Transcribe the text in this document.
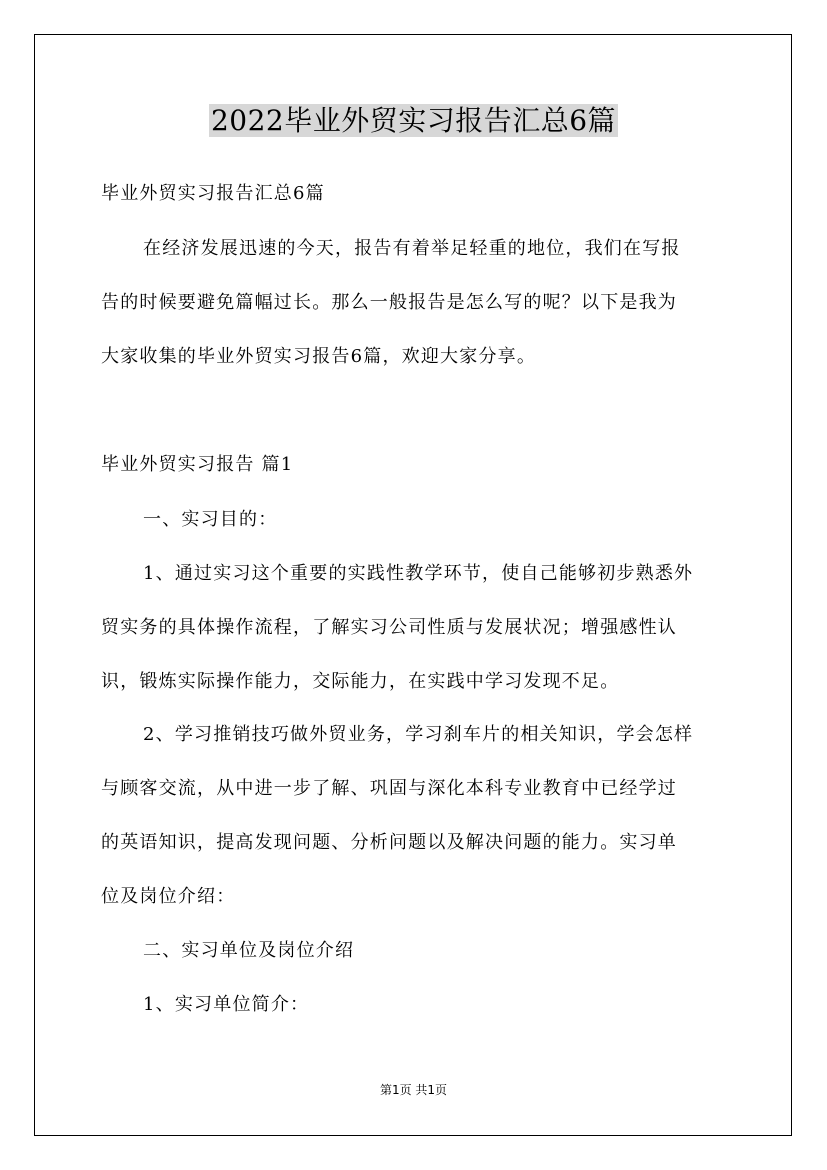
2022毕业外贸实习报告汇总6篇
毕业外贸实习报告汇总6篇
在经济发展迅速的今天，报告有着举足轻重的地位，我们在写报
告的时候要避免篇幅过长。那么一般报告是怎么写的呢？以下是我为
大家收集的毕业外贸实习报告6篇，欢迎大家分享。
毕业外贸实习报告 篇1
一、实习目的：
1、通过实习这个重要的实践性教学环节，使自己能够初步熟悉外
贸实务的具体操作流程，了解实习公司性质与发展状况；增强感性认
识，锻炼实际操作能力，交际能力，在实践中学习发现不足。
2、学习推销技巧做外贸业务，学习刹车片的相关知识，学会怎样
与顾客交流，从中进一步了解、巩固与深化本科专业教育中已经学过
的英语知识，提高发现问题、分析问题以及解决问题的能力。实习单
位及岗位介绍：
二、实习单位及岗位介绍
1、实习单位简介：
第1页 共1页
